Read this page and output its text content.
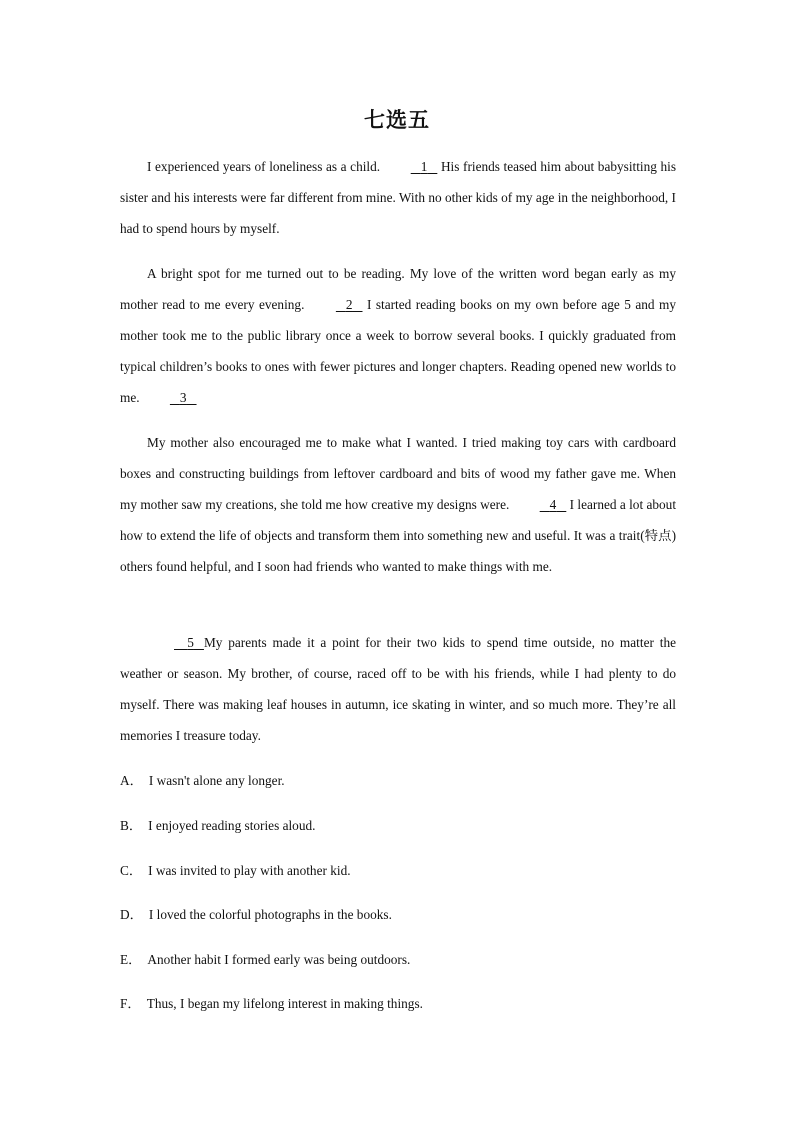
七选五
I experienced years of loneliness as a child.	1 His friends teased him about babysitting his sister and his interests were far different from mine. With no other kids of my age in the neighborhood, I had to spend hours by myself.
A bright spot for me turned out to be reading. My love of the written word began early as my mother read to me every evening.	2 I started reading books on my own before age 5 and my mother took me to the public library once a week to borrow several books. I quickly graduated from typical children’s books to ones with fewer pictures and longer chapters. Reading opened new worlds to me.	3
My mother also encouraged me to make what I wanted. I tried making toy cars with cardboard boxes and constructing buildings from leftover cardboard and bits of wood my father gave me. When my mother saw my creations, she told me how creative my designs were.	4 I learned a lot about how to extend the life of objects and transform them into something new and useful. It was a trait(特点) others found helpful, and I soon had friends who wanted to make things with me.
5 My parents made it a point for their two kids to spend time outside, no matter the weather or season. My brother, of course, raced off to be with his friends, while I had plenty to do myself. There was making leaf houses in autumn, ice skating in winter, and so much more. They’re all memories I treasure today.
A． I wasn't alone any longer.
B． I enjoyed reading stories aloud.
C． I was invited to play with another kid.
D． I loved the colorful photographs in the books.
E． Another habit I formed early was being outdoors.
F． Thus, I began my lifelong interest in making things.
